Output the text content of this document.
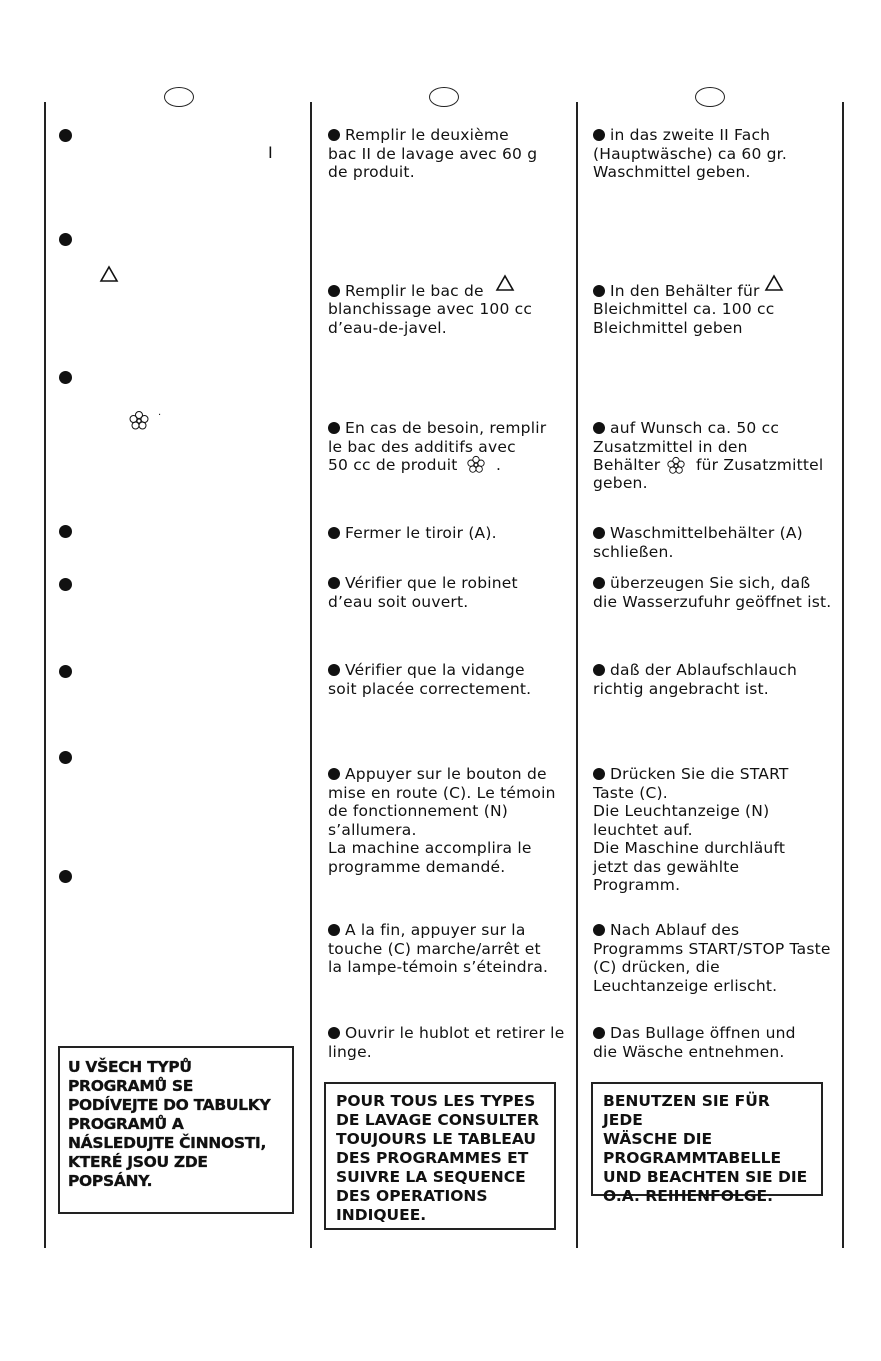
I
·
U VŠECH TYPŮ
PROGRAMŮ SE
PODÍVEJTE DO TABULKY
PROGRAMŮ A
NÁSLEDUJTE ČINNOSTI,
KTERÉ JSOU ZDE
POPSÁNY.
Remplir le deuxième
bac II de lavage avec 60 g
de produit.
Remplir le bac de
blanchissage avec 100 cc
d’eau-de-javel.
En cas de besoin, remplir
le bac des additifs avec
50 cc de produit	.
Fermer le tiroir (A).
Vérifier que le robinet
d’eau soit ouvert.
Vérifier que la vidange
soit placée correctement.
Appuyer sur le bouton de
mise en route (C). Le témoin
de fonctionnement (N)
s’allumera.
La machine accomplira le
programme demandé.
A la fin, appuyer sur la
touche (C) marche/arrêt et
la lampe-témoin s’éteindra.
Ouvrir le hublot et retirer le
linge.
POUR TOUS LES TYPES
DE LAVAGE CONSULTER
TOUJOURS LE TABLEAU
DES PROGRAMMES ET
SUIVRE LA SEQUENCE
DES OPERATIONS
INDIQUEE.
in das zweite II Fach
(Hauptwäsche) ca 60 gr.
Waschmittel geben.
In den Behälter für
Bleichmittel ca. 100 cc
Bleichmittel geben
auf Wunsch ca. 50 cc
Zusatzmittel in den
Behälter	für Zusatzmittel
geben.
Waschmittelbehälter (A)
schließen.
überzeugen Sie sich, daß
die Wasserzufuhr geöffnet ist.
daß der Ablaufschlauch
richtig angebracht ist.
Drücken Sie die START
Taste (C).
Die Leuchtanzeige (N)
leuchtet auf.
Die Maschine durchläuft
jetzt das gewählte
Programm.
Nach Ablauf des
Programms START/STOP Taste
(C) drücken, die
Leuchtanzeige erlischt.
Das Bullage öffnen und
die Wäsche entnehmen.
BENUTZEN SIE FÜR JEDE
WÄSCHE DIE
PROGRAMMTABELLE
UND BEACHTEN SIE DIE
O.A. REIHENFOLGE.
